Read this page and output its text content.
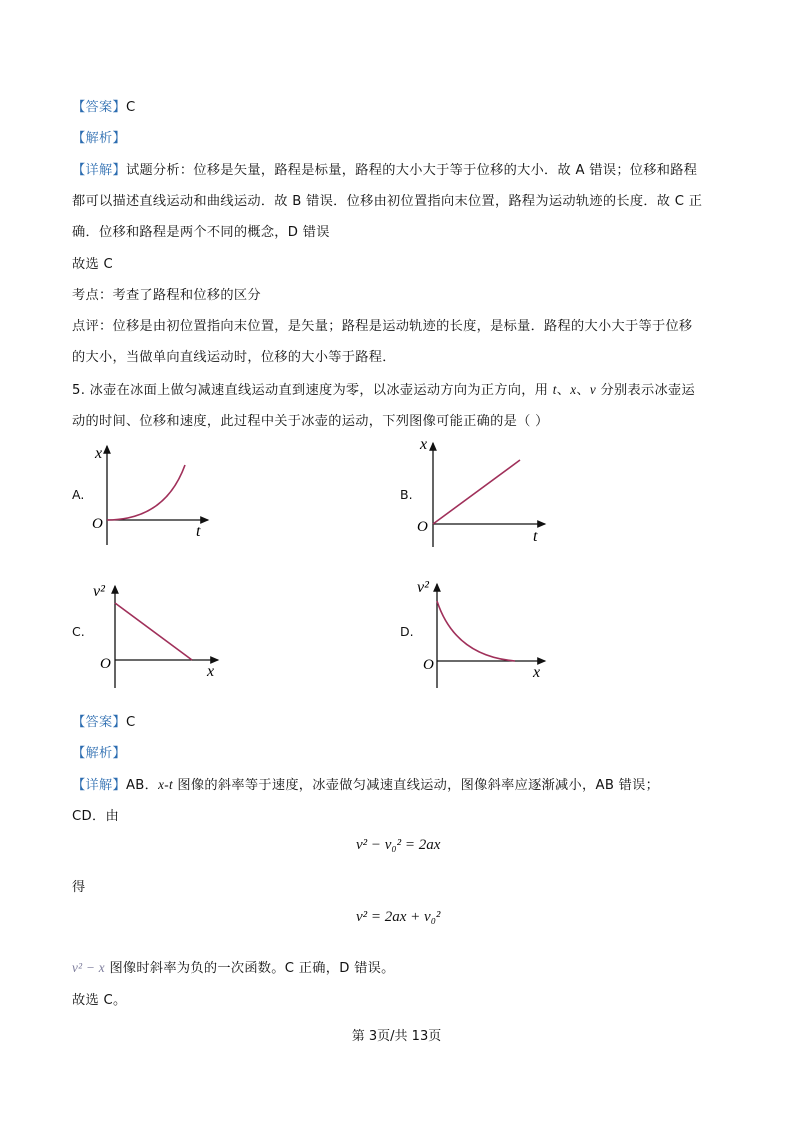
【答案】C
【解析】
【详解】试题分析：位移是矢量，路程是标量，路程的大小大于等于位移的大小．故 A 错误；位移和路程
都可以描述直线运动和曲线运动．故 B 错误．位移由初位置指向末位置，路程为运动轨迹的长度．故 C 正
确．位移和路程是两个不同的概念，D 错误
故选 C
考点：考查了路程和位移的区分
点评：位移是由初位置指向末位置，是矢量；路程是运动轨迹的长度，是标量．路程的大小大于等于位移
的大小，当做单向直线运动时，位移的大小等于路程．
5. 冰壶在冰面上做匀减速直线运动直到速度为零，以冰壶运动方向为正方向，用 t、x、v 分别表示冰壶运
动的时间、位移和速度，此过程中关于冰壶的运动，下列图像可能正确的是（ ）
A.	B.
C.	D.
x
t
O
x
t
O
v²
x
O
v²
x
O
【答案】C
【解析】
【详解】AB．x-t 图像的斜率等于速度，冰壶做匀减速直线运动，图像斜率应逐渐减小，AB 错误；
CD．由
v² − v₀² = 2ax
得
v² = 2ax + v₀²
v² − x 图像时斜率为负的一次函数。C 正确，D 错误。
故选 C。
第 3页/共 13页
